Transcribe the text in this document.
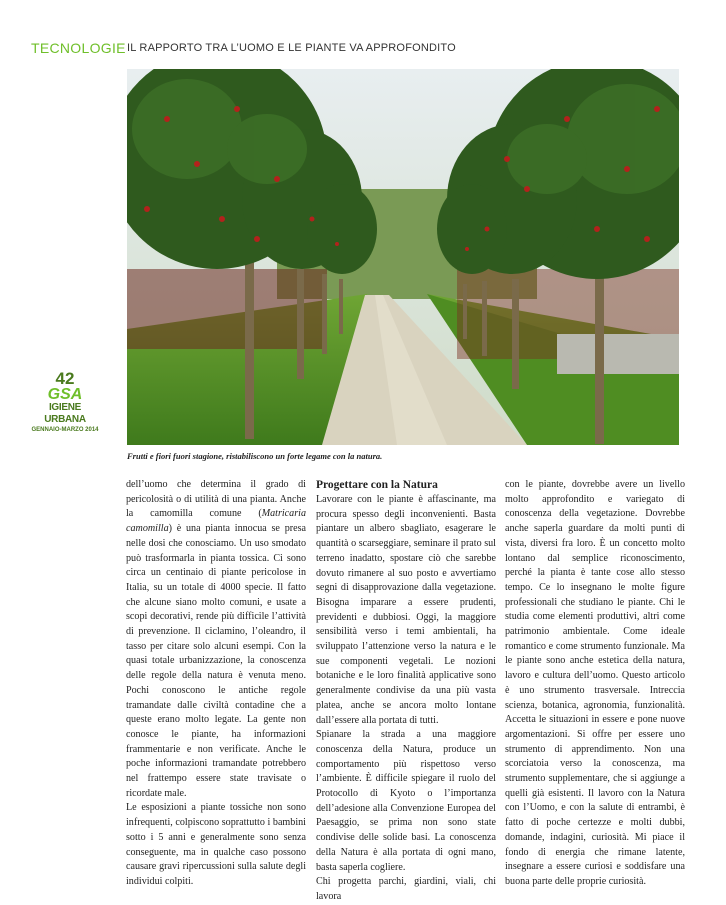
TECNOLOGIE IL RAPPORTO TRA L’UOMO E LE PIANTE VA APPROFONDITO
Frutti e fiori fuori stagione, ristabiliscono un forte legame con la natura.
42
GSA
IGIENE URBANA
GENNAIO-MARZO 2014

dell’uomo che determina il grado di pericolosità o di utilità di una pianta. Anche la camomilla comune (Matricaria camomilla) è una pianta innocua se presa nelle dosi che conosciamo. Un uso smodato può trasformarla in pianta tossica. Ci sono circa un centinaio di piante pericolose in Italia, su un totale di 4000 specie. Il fatto che alcune siano molto comuni, e usate a scopi decorativi, rende più difficile l’attività di prevenzione. Il ciclamino, l’oleandro, il tasso per citare solo alcuni esempi. Con la quasi totale urbanizzazione, la conoscenza delle regole della natura è venuta meno. Pochi conoscono le antiche regole tramandate dalle civiltà contadine che a queste erano molto legate. La gente non conosce le piante, ha informazioni frammentarie e non verificate. Anche le poche informazioni tramandate potrebbero nel frattempo essere state travisate o ricordate male.

Le esposizioni a piante tossiche non sono infrequenti, colpiscono soprattutto i bambini sotto i 5 anni e generalmente sono senza conseguente, ma in qualche caso possono causare gravi ripercussioni sulla salute degli individui colpiti.

Progettare con la Natura

Lavorare con le piante è affascinante, ma procura spesso degli inconvenienti. Basta piantare un albero sbagliato, esagerare le quantità o scarseggiare, seminare il prato sul terreno inadatto, spostare ciò che sarebbe dovuto rimanere al suo posto e avvertiamo segni di disapprovazione dalla vegetazione. Bisogna imparare a essere prudenti, previdenti e dubbiosi. Oggi, la maggiore sensibilità verso i temi ambientali, ha sviluppato l’attenzione verso la natura e le sue componenti vegetali. Le nozioni botaniche e le loro finalità applicative sono generalmente condivise da una più vasta platea, anche se ancora molto lontane dall’essere alla portata di tutti.

Spianare la strada a una maggiore conoscenza della Natura, produce un comportamento più rispettoso verso l’ambiente. È difficile spiegare il ruolo del Protocollo di Kyoto o l’importanza dell’adesione alla Convenzione Europea del Paesaggio, se prima non sono state condivise delle solide basi. La conoscenza della Natura è alla portata di ogni mano, basta saperla cogliere.

Chi progetta parchi, giardini, viali, chi lavora

con le piante, dovrebbe avere un livello molto approfondito e variegato di conoscenza della vegetazione. Dovrebbe anche saperla guardare da molti punti di vista, diversi fra loro. È un concetto molto lontano dal semplice riconoscimento, perché la pianta è tante cose allo stesso tempo. Ce lo insegnano le molte figure professionali che studiano le piante. Chi le studia come elementi produttivi, altri come patrimonio ambientale. Come ideale romantico e come strumento funzionale. Ma le piante sono anche estetica della natura, lavoro e cultura dell’uomo. Questo articolo è uno strumento trasversale. Intreccia scienza, botanica, agronomia, funzionalità. Accetta le situazioni in essere e pone nuove argomentazioni. Si offre per essere uno strumento di apprendimento. Non una scorciatoia verso la conoscenza, ma strumento supplementare, che si aggiunge a quelli già esistenti. Il lavoro con la Natura con l’Uomo, e con la salute di entrambi, è fatto di poche certezze e molti dubbi, domande, indagini, curiosità. Mi piace il fondo di energia che rimane latente, insegnare a essere curiosi e soddisfare una buona parte delle proprie curiosità.
